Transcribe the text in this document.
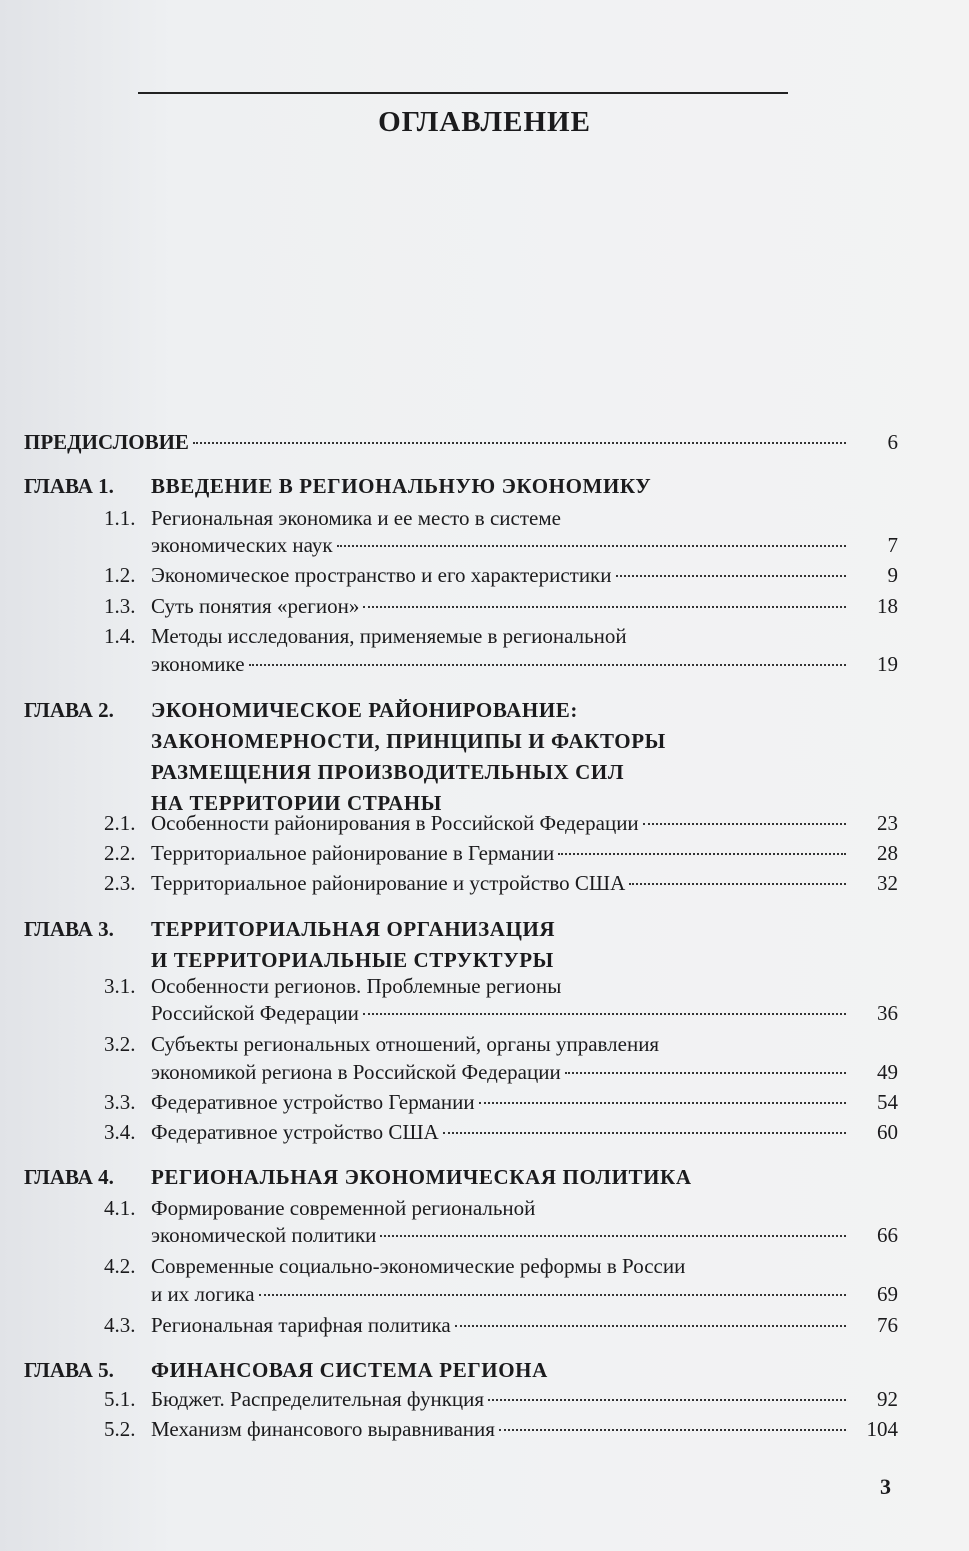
ОГЛАВЛЕНИЕ
ПРЕДИСЛОВИЕ	6
ГЛАВА 1. ВВЕДЕНИЕ В РЕГИОНАЛЬНУЮ ЭКОНОМИКУ
1.1. Региональная экономика и ее место в системе
экономических наук	7
1.2. Экономическое пространство и его характеристики	9
1.3. Суть понятия «регион»	18
1.4. Методы исследования, применяемые в региональной
экономике	19
ГЛАВА 2. ЭКОНОМИЧЕСКОЕ РАЙОНИРОВАНИЕ:
ЗАКОНОМЕРНОСТИ, ПРИНЦИПЫ И ФАКТОРЫ
РАЗМЕЩЕНИЯ ПРОИЗВОДИТЕЛЬНЫХ СИЛ
НА ТЕРРИТОРИИ СТРАНЫ
2.1. Особенности районирования в Российской Федерации	23
2.2. Территориальное районирование в Германии	28
2.3. Территориальное районирование и устройство США	32
ГЛАВА 3. ТЕРРИТОРИАЛЬНАЯ ОРГАНИЗАЦИЯ
И ТЕРРИТОРИАЛЬНЫЕ СТРУКТУРЫ
3.1. Особенности регионов. Проблемные регионы
Российской Федерации	36
3.2. Субъекты региональных отношений, органы управления
экономикой региона в Российской Федерации	49
3.3. Федеративное устройство Германии	54
3.4. Федеративное устройство США	60
ГЛАВА 4. РЕГИОНАЛЬНАЯ ЭКОНОМИЧЕСКАЯ ПОЛИТИКА
4.1. Формирование современной региональной
экономической политики	66
4.2. Современные социально-экономические реформы в России
и их логика	69
4.3. Региональная тарифная политика	76
ГЛАВА 5. ФИНАНСОВАЯ СИСТЕМА РЕГИОНА
5.1. Бюджет. Распределительная функция	92
5.2. Механизм финансового выравнивания	104
3
